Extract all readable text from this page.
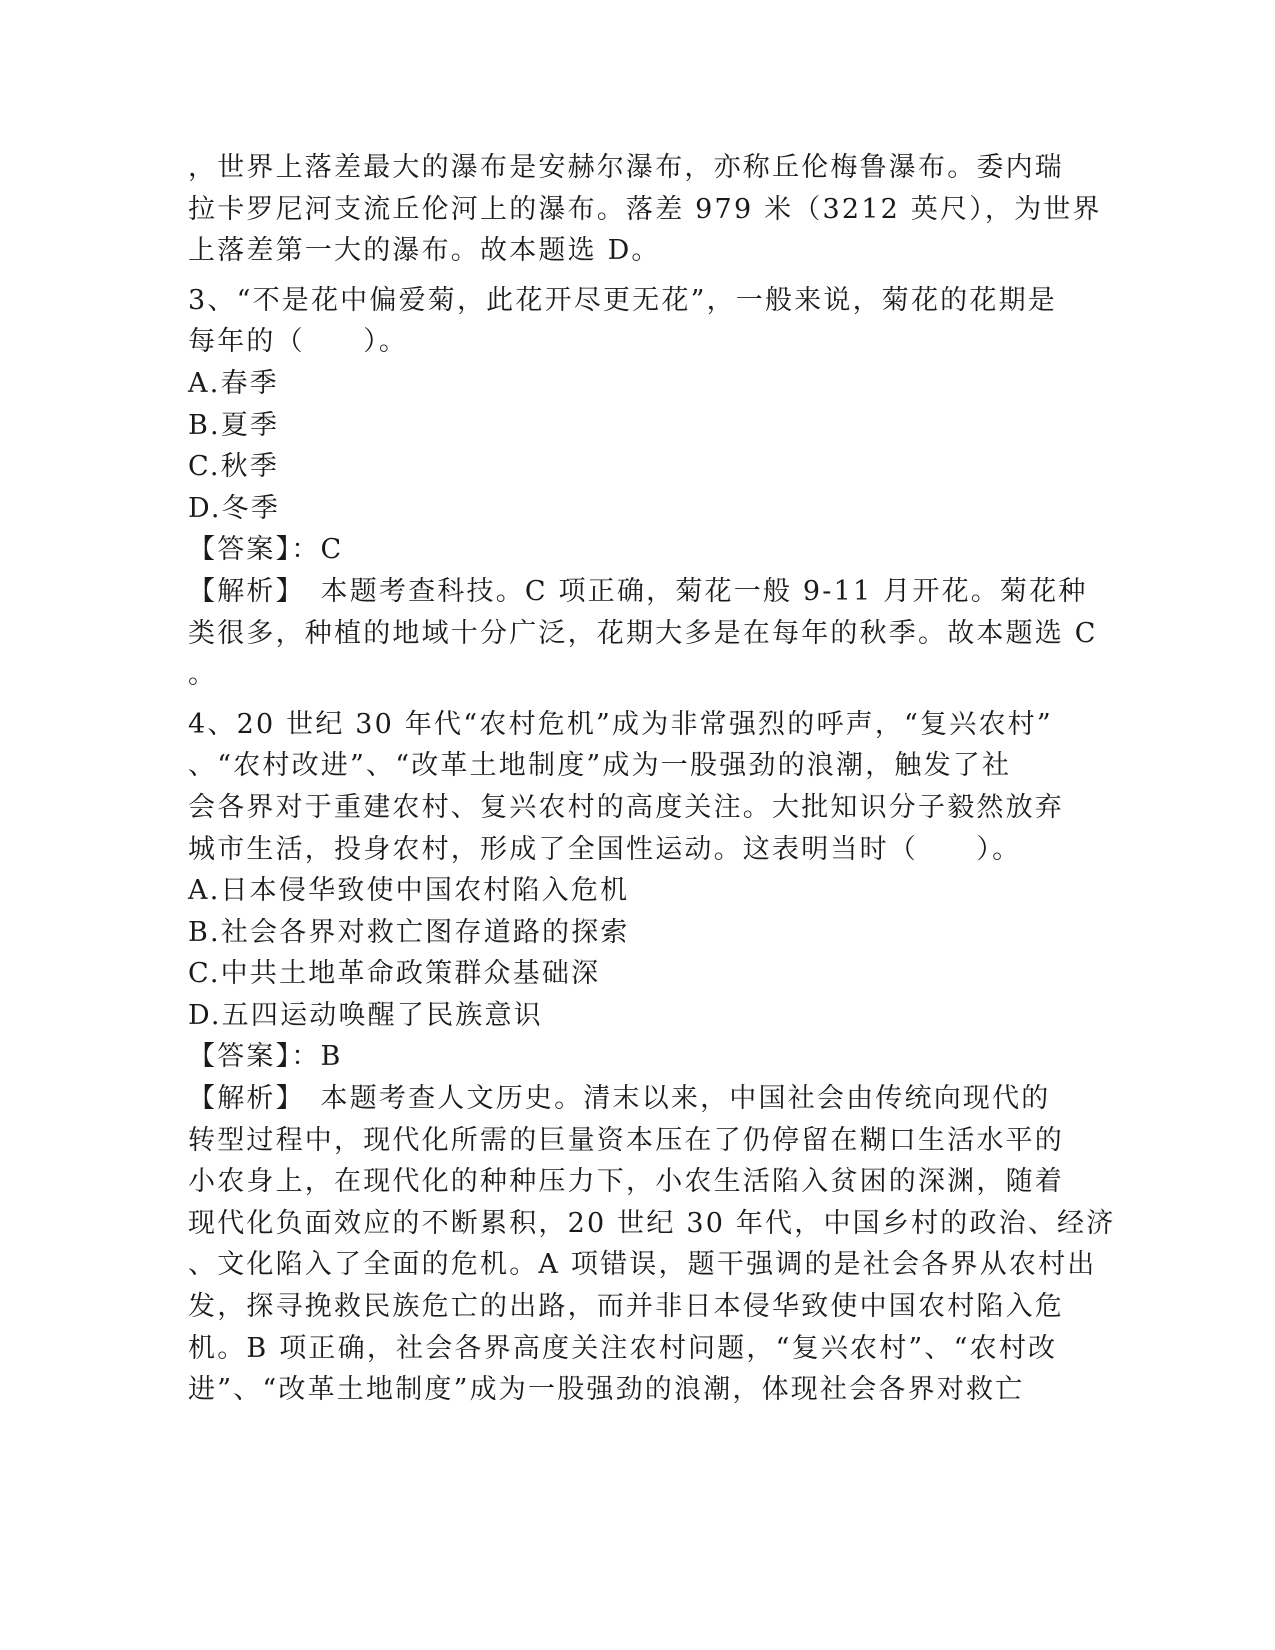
，世界上落差最大的瀑布是安赫尔瀑布，亦称丘伦梅鲁瀑布。委内瑞
拉卡罗尼河支流丘伦河上的瀑布。落差 979 米（3212 英尺），为世界
上落差第一大的瀑布。故本题选 D。
3、“不是花中偏爱菊，此花开尽更无花”，一般来说，菊花的花期是
每年的（　　）。
A.春季
B.夏季
C.秋季
D.冬季
【答案】：C
【解析】　本题考查科技。C 项正确，菊花一般 9-11 月开花。菊花种
类很多，种植的地域十分广泛，花期大多是在每年的秋季。故本题选 C
。
4、20 世纪 30 年代“农村危机”成为非常强烈的呼声，“复兴农村”
、“农村改进”、“改革土地制度”成为一股强劲的浪潮，触发了社
会各界对于重建农村、复兴农村的高度关注。大批知识分子毅然放弃
城市生活，投身农村，形成了全国性运动。这表明当时（　　）。
A.日本侵华致使中国农村陷入危机
B.社会各界对救亡图存道路的探索
C.中共土地革命政策群众基础深
D.五四运动唤醒了民族意识
【答案】：B
【解析】　本题考查人文历史。清末以来，中国社会由传统向现代的
转型过程中，现代化所需的巨量资本压在了仍停留在糊口生活水平的
小农身上，在现代化的种种压力下，小农生活陷入贫困的深渊，随着
现代化负面效应的不断累积，20 世纪 30 年代，中国乡村的政治、经济
、文化陷入了全面的危机。A 项错误，题干强调的是社会各界从农村出
发，探寻挽救民族危亡的出路，而并非日本侵华致使中国农村陷入危
机。B 项正确，社会各界高度关注农村问题，“复兴农村”、“农村改
进”、“改革土地制度”成为一股强劲的浪潮，体现社会各界对救亡
